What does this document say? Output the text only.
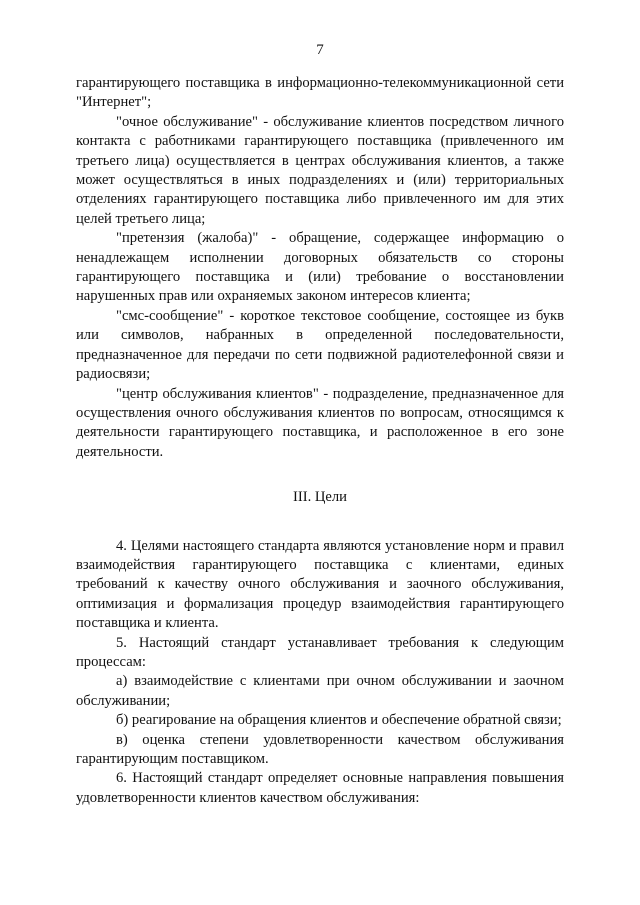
7

гарантирующего поставщика в информационно-телекоммуникационной сети "Интернет";

"очное обслуживание" - обслуживание клиентов посредством личного контакта с работниками гарантирующего поставщика (привлеченного им третьего лица) осуществляется в центрах обслуживания клиентов, а также может осуществляться в иных подразделениях и (или) территориальных отделениях гарантирующего поставщика либо привлеченного им для этих целей третьего лица;

"претензия (жалоба)" - обращение, содержащее информацию о ненадлежащем исполнении договорных обязательств со стороны гарантирующего поставщика и (или) требование о восстановлении нарушенных прав или охраняемых законом интересов клиента;

"смс-сообщение" - короткое текстовое сообщение, состоящее из букв или символов, набранных в определенной последовательности, предназначенное для передачи по сети подвижной радиотелефонной связи и радиосвязи;

"центр обслуживания клиентов" - подразделение, предназначенное для осуществления очного обслуживания клиентов по вопросам, относящимся к деятельности гарантирующего поставщика, и расположенное в его зоне деятельности.

III. Цели

4. Целями настоящего стандарта являются установление норм и правил взаимодействия гарантирующего поставщика с клиентами, единых требований к качеству очного обслуживания и заочного обслуживания, оптимизация и формализация процедур взаимодействия гарантирующего поставщика и клиента.

5. Настоящий стандарт устанавливает требования к следующим процессам:

а) взаимодействие с клиентами при очном обслуживании и заочном обслуживании;

б) реагирование на обращения клиентов и обеспечение обратной связи;

в) оценка степени удовлетворенности качеством обслуживания гарантирующим поставщиком.

6. Настоящий стандарт определяет основные направления повышения удовлетворенности клиентов качеством обслуживания:
